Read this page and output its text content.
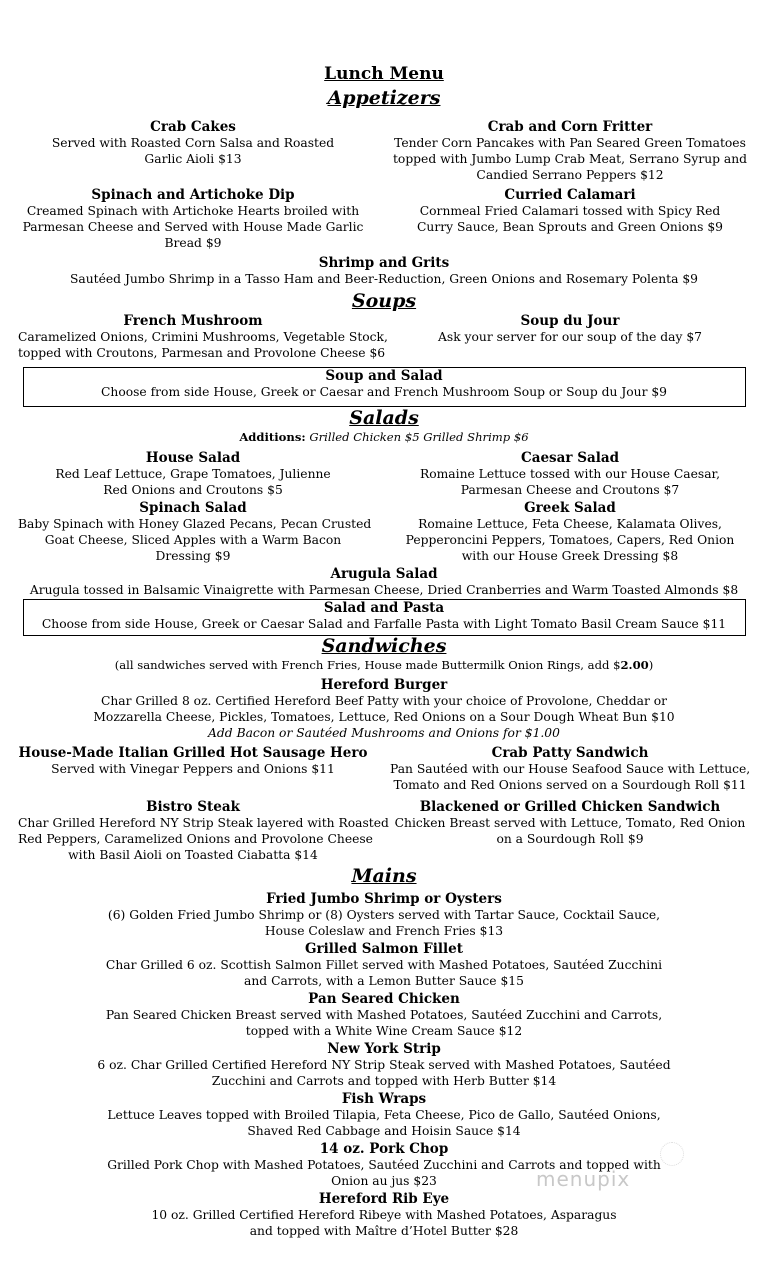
Lunch Menu
Appetizers
Crab Cakes
Served with Roasted Corn Salsa and Roasted
Garlic Aioli $13
Crab and Corn Fritter
Tender Corn Pancakes with Pan Seared Green Tomatoes
topped with Jumbo Lump Crab Meat, Serrano Syrup and
Candied Serrano Peppers $12
Spinach and Artichoke Dip
Creamed Spinach with Artichoke Hearts broiled with
Parmesan Cheese and Served with House Made Garlic
Bread $9
Curried Calamari
Cornmeal Fried Calamari tossed with Spicy Red
Curry Sauce, Bean Sprouts and Green Onions $9
Shrimp and Grits
Sautéed Jumbo Shrimp in a Tasso Ham and Beer-Reduction, Green Onions and Rosemary Polenta $9
Soups
French Mushroom
Caramelized Onions, Crimini Mushrooms, Vegetable Stock,
topped with Croutons, Parmesan and Provolone Cheese $6
Soup du Jour
Ask your server for our soup of the day $7
Soup and Salad
Choose from side House, Greek or Caesar and French Mushroom Soup or Soup du Jour $9
Salads
Additions: Grilled Chicken $5 Grilled Shrimp $6
House Salad
Red Leaf Lettuce, Grape Tomatoes, Julienne
Red Onions and Croutons $5
Caesar Salad
Romaine Lettuce tossed with our House Caesar,
Parmesan Cheese and Croutons $7
Spinach Salad
Baby Spinach with Honey Glazed Pecans, Pecan Crusted
Goat Cheese, Sliced Apples with a Warm Bacon
Dressing $9
Greek Salad
Romaine Lettuce, Feta Cheese, Kalamata Olives,
Pepperoncini Peppers, Tomatoes, Capers, Red Onion
with our House Greek Dressing $8
Arugula Salad
Arugula tossed in Balsamic Vinaigrette with Parmesan Cheese, Dried Cranberries and Warm Toasted Almonds $8
Salad and Pasta
Choose from side House, Greek or Caesar Salad and Farfalle Pasta with Light Tomato Basil Cream Sauce $11
Sandwiches
(all sandwiches served with French Fries, House made Buttermilk Onion Rings, add $2.00)
Hereford Burger
Char Grilled 8 oz. Certified Hereford Beef Patty with your choice of Provolone, Cheddar or
Mozzarella Cheese, Pickles, Tomatoes, Lettuce, Red Onions on a Sour Dough Wheat Bun $10
Add Bacon or Sautéed Mushrooms and Onions for $1.00
House-Made Italian Grilled Hot Sausage Hero
Served with Vinegar Peppers and Onions $11
Crab Patty Sandwich
Pan Sautéed with our House Seafood Sauce with Lettuce,
Tomato and Red Onions served on a Sourdough Roll $11
Bistro Steak
Char Grilled Hereford NY Strip Steak layered with Roasted
Red Peppers, Caramelized Onions and Provolone Cheese
with Basil Aioli on Toasted Ciabatta $14
Blackened or Grilled Chicken Sandwich
Chicken Breast served with Lettuce, Tomato, Red Onion
on a Sourdough Roll $9
Mains
Fried Jumbo Shrimp or Oysters
(6) Golden Fried Jumbo Shrimp or (8) Oysters served with Tartar Sauce, Cocktail Sauce,
House Coleslaw and French Fries $13
Grilled Salmon Fillet
Char Grilled 6 oz. Scottish Salmon Fillet served with Mashed Potatoes, Sautéed Zucchini
and Carrots, with a Lemon Butter Sauce $15
Pan Seared Chicken
Pan Seared Chicken Breast served with Mashed Potatoes, Sautéed Zucchini and Carrots,
topped with a White Wine Cream Sauce $12
New York Strip
6 oz. Char Grilled Certified Hereford NY Strip Steak served with Mashed Potatoes, Sautéed
Zucchini and Carrots and topped with Herb Butter $14
Fish Wraps
Lettuce Leaves topped with Broiled Tilapia, Feta Cheese, Pico de Gallo, Sautéed Onions,
Shaved Red Cabbage and Hoisin Sauce $14
14 oz. Pork Chop
Grilled Pork Chop with Mashed Potatoes, Sautéed Zucchini and Carrots and topped with
Onion au jus $23
Hereford Rib Eye
10 oz. Grilled Certified Hereford Ribeye with Mashed Potatoes, Asparagus
and topped with Maître d’Hotel Butter $28
menupix
